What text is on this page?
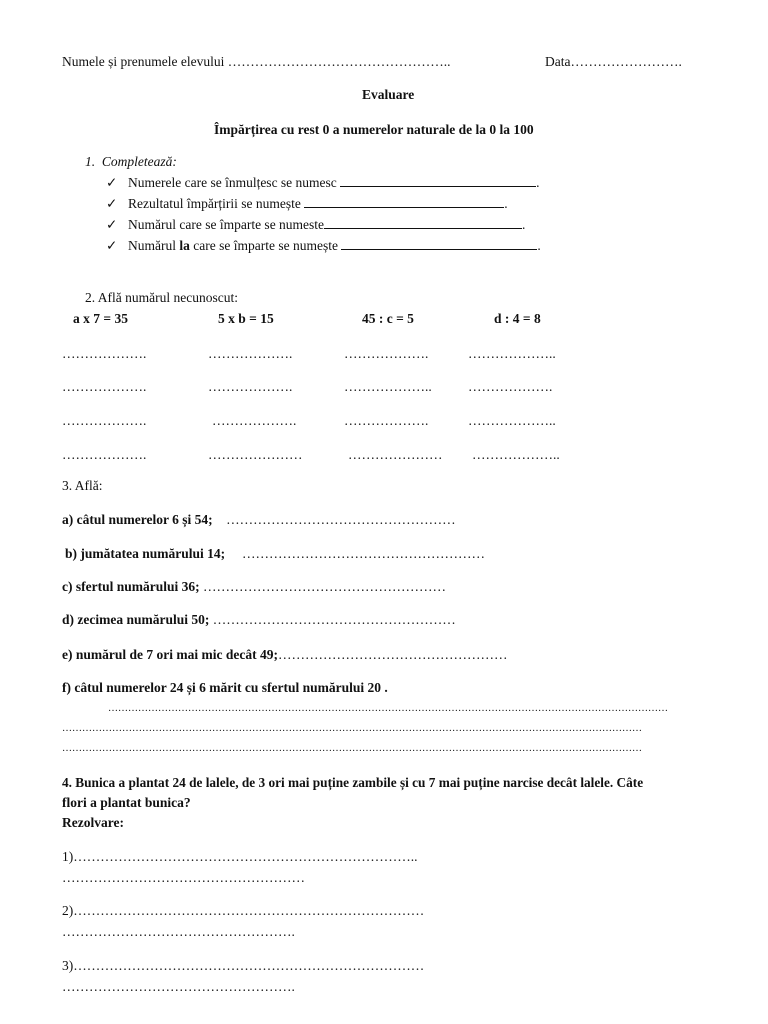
Numele și prenumele elevului …………………………………………..	Data…………………….
Evaluare
Împărțirea cu rest 0 a numerelor naturale de la 0 la 100
1. Completează:
✓ Numerele care se înmulțesc se numesc	.
✓ Rezultatul împărțirii se numește	.
✓ Numărul care se împarte se numeste	.
✓ Numărul la care se împarte se numește	.
2. Află numărul necunoscut:
a x 7 = 35	5 x b = 15	45 : c = 5	d : 4 = 8
……………….	……………….	……………….	………………..
……………….	……………….	………………..	……………….
……………….	……………….	……………….	………………..
……………….	…………………	………………… ………………..
3. Află:
a) câtul numerelor 6 și 54; ……………………………………………
b) jumătatea numărului 14; ………………………………………………
c) sfertul numărului 36; ………………………………………………
d) zecimea numărului 50; ………………………………………………
e) numărul de 7 ori mai mic decât 49;……………………………………………
f) câtul numerelor 24 și 6 mărit cu sfertul numărului 20 .
……………………………………………………………………………………………………………………………………………………
…………………………………………………………………………………………………………………………………………………………
…………………………………………………………………………………………………………………………………………………………
4. Bunica a plantat 24 de lalele, de 3 ori mai puține zambile și cu 7 mai puține narcise decât lalele. Câte
flori a plantat bunica?
Rezolvare:
1)…………………………………………………………………..
………………………………………………
2)……………………………………………………………………
…………………………………………….
3)……………………………………………………………………
…………………………………………….
